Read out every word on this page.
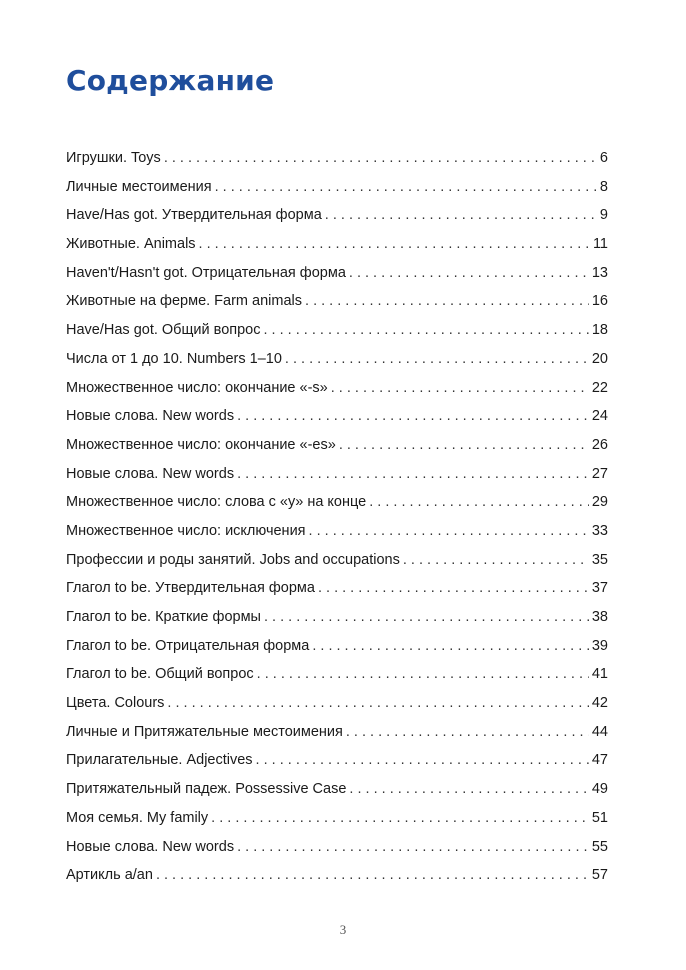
Содержание
Игрушки. Toys . . .	6
Личные местоимения . . .	8
Have/Has got. Утвердительная форма . . .	9
Животные. Animals . . .	11
Haven't/Hasn't got. Отрицательная форма . . .	13
Животные на ферме. Farm animals . . .	16
Have/Has got. Общий вопрос . . .	18
Числа от 1 до 10. Numbers 1–10 . . .	20
Множественное число: окончание «-s» . . .	22
Новые слова. New words . . .	24
Множественное число: окончание «-es» . . .	26
Новые слова. New words . . .	27
Множественное число: слова с «y» на конце . . .	29
Множественное число: исключения . . .	33
Профессии и роды занятий. Jobs and occupations . . .	35
Глагол to be. Утвердительная форма . . .	37
Глагол to be. Краткие формы . . .	38
Глагол to be. Отрицательная форма . . .	39
Глагол to be. Общий вопрос . . .	41
Цвета. Colours . . .	42
Личные и Притяжательные местоимения . . .	44
Прилагательные. Adjectives . . .	47
Притяжательный падеж. Possessive Case . . .	49
Моя семья. My family . . .	51
Новые слова. New words . . .	55
Артикль a/an . . .	57
3
